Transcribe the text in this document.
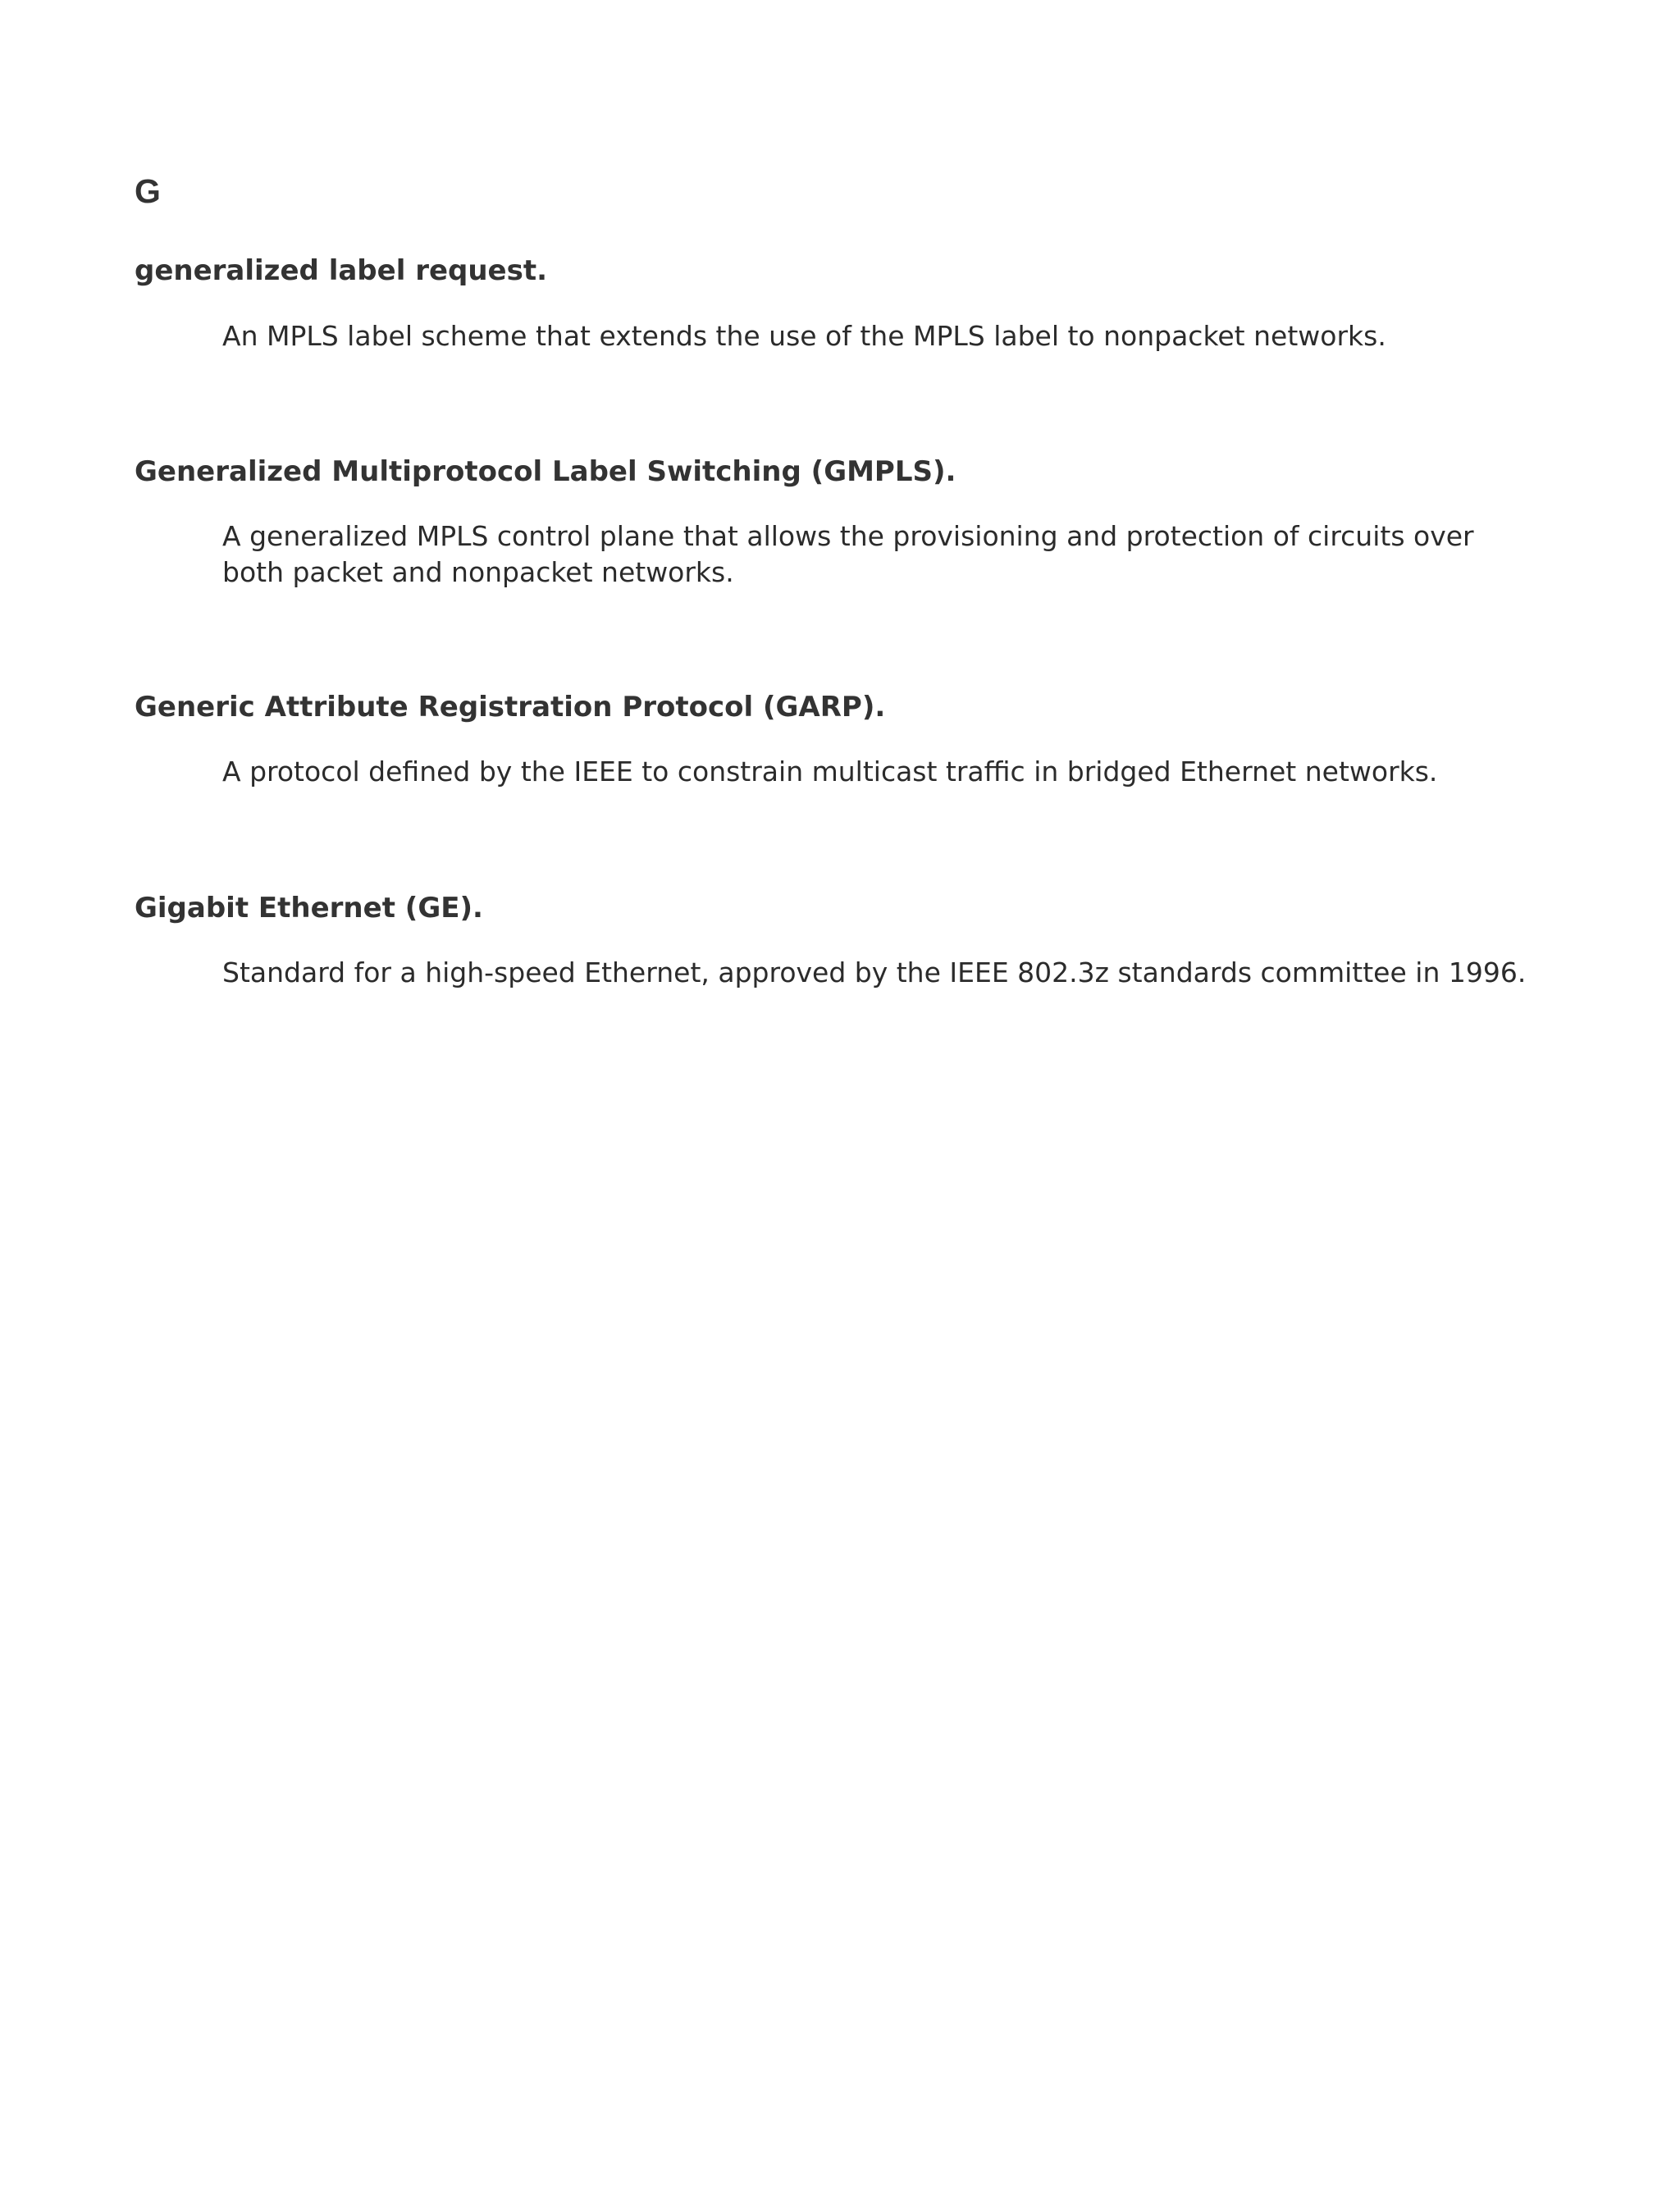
G
generalized label request.

An MPLS label scheme that extends the use of the MPLS label to nonpacket networks.

Generalized Multiprotocol Label Switching (GMPLS).

A generalized MPLS control plane that allows the provisioning and protection of circuits over both packet and nonpacket networks.

Generic Attribute Registration Protocol (GARP).

A protocol defined by the IEEE to constrain multicast traffic in bridged Ethernet networks.

Gigabit Ethernet (GE).

Standard for a high-speed Ethernet, approved by the IEEE 802.3z standards committee in 1996.
